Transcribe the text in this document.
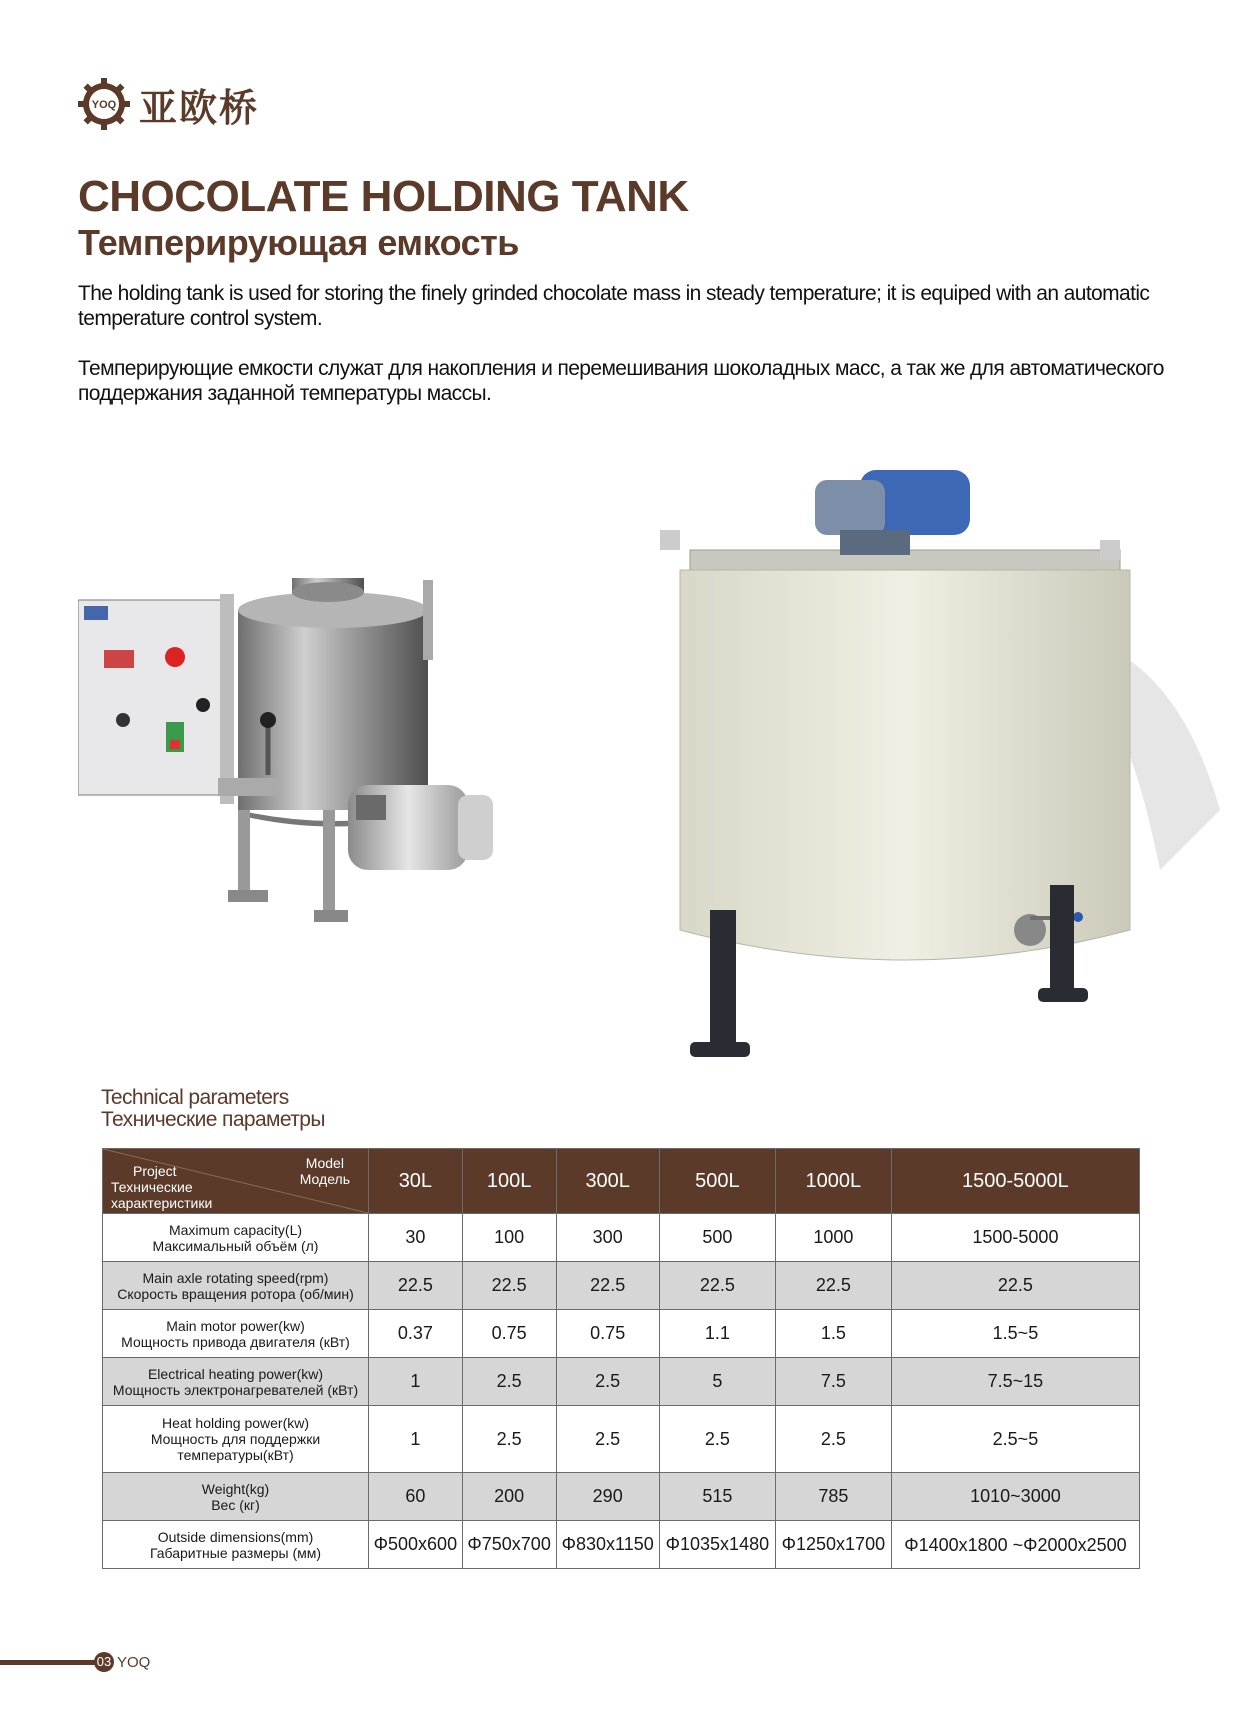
YOQ 亚欧桥
CHOCOLATE HOLDING TANK
Темперирующая емкость
The holding tank is used for storing the finely grinded chocolate mass in steady temperature; it is equiped with an automatic temperature control system.
Темперирующие емкости служат для накопления и перемешивания шоколадных масс, а так же для автоматического поддержания заданной температуры массы.
Technical parameters
Технические параметры
Model
Модель
Project
Технические характеристики	30L	100L	300L	500L	1000L	1500-5000L

Maximum capacity(L)
Максимальный объём (л)	30	100	300	500	1000	1500-5000

Main axle rotating speed(rpm)
Скорость вращения ротора (об/мин)	22.5	22.5	22.5	22.5	22.5	22.5

Main motor power(kw)
Мощность привода двигателя (кВт)	0.37	0.75	0.75	1.1	1.5	1.5~5

Electrical heating power(kw)
Мощность электронагревателей (кВт)	1	2.5	2.5	5	7.5	7.5~15

Heat holding power(kw)
Мощность для поддержки температуры(кВт)	1	2.5	2.5	2.5	2.5	2.5~5

Weight(kg)
Вес (кг)	60	200	290	515	785	1010~3000

Outside dimensions(mm)
Габаритные размеры (мм)	Φ500x600	Φ750x700	Φ830x1150	Φ1035x1480	Φ1250x1700	Φ1400x1800 ~Φ2000x2500
03 YOQ
